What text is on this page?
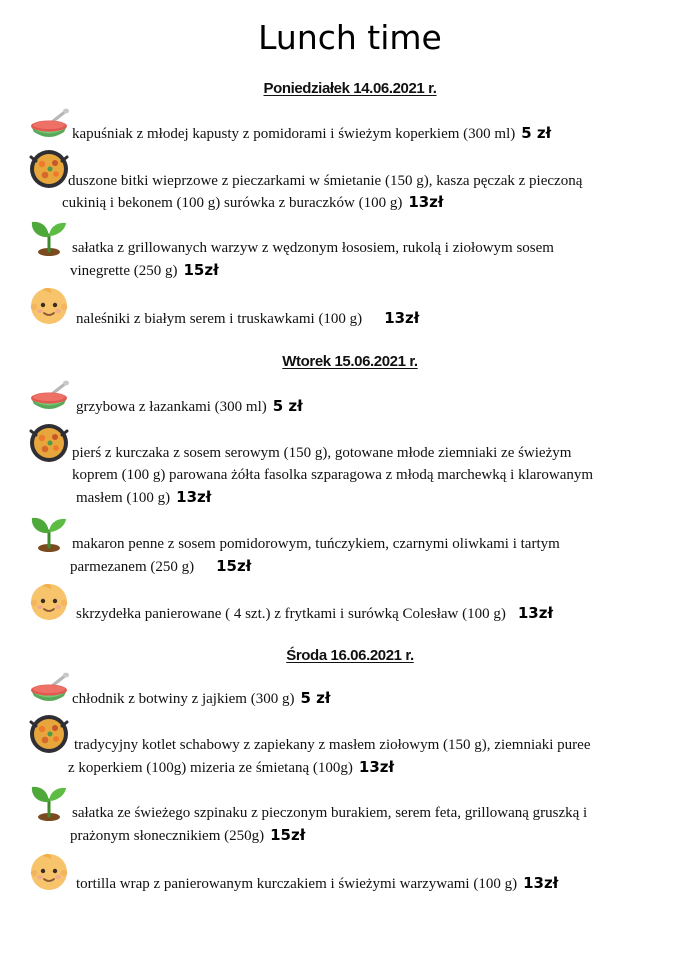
Lunch time
Poniedziałek 14.06.2021 r.
kapuśniak z młodej kapusty z pomidorami i świeżym koperkiem (300 ml) 5 zł
duszone bitki wieprzowe z pieczarkami w śmietanie (150 g), kasza pęczak z pieczoną
cukinią i bekonem (100 g) surówka z buraczków (100 g) 13zł
sałatka z grillowanych warzyw z wędzonym łososiem, rukolą i ziołowym sosem
vinegrette (250 g) 15zł
naleśniki z białym serem i truskawkami (100 g) 13zł
Wtorek 15.06.2021 r.
grzybowa z łazankami (300 ml) 5 zł
pierś z kurczaka z sosem serowym (150 g), gotowane młode ziemniaki ze świeżym
koprem (100 g) parowana żółta fasolka szparagowa z młodą marchewką i klarowanym
masłem (100 g) 13zł
makaron penne z sosem pomidorowym, tuńczykiem, czarnymi oliwkami i tartym
parmezanem (250 g) 15zł
skrzydełka panierowane ( 4 szt.) z frytkami i surówką Colesław (100 g) 13zł
Środa 16.06.2021 r.
chłodnik z botwiny z jajkiem (300 g) 5 zł
tradycyjny kotlet schabowy z zapiekany z masłem ziołowym (150 g), ziemniaki puree
z koperkiem (100g) mizeria ze śmietaną (100g) 13zł
sałatka ze świeżego szpinaku z pieczonym burakiem, serem feta, grillowaną gruszką i
prażonym słonecznikiem (250g) 15zł
tortilla wrap z panierowanym kurczakiem i świeżymi warzywami (100 g) 13zł
